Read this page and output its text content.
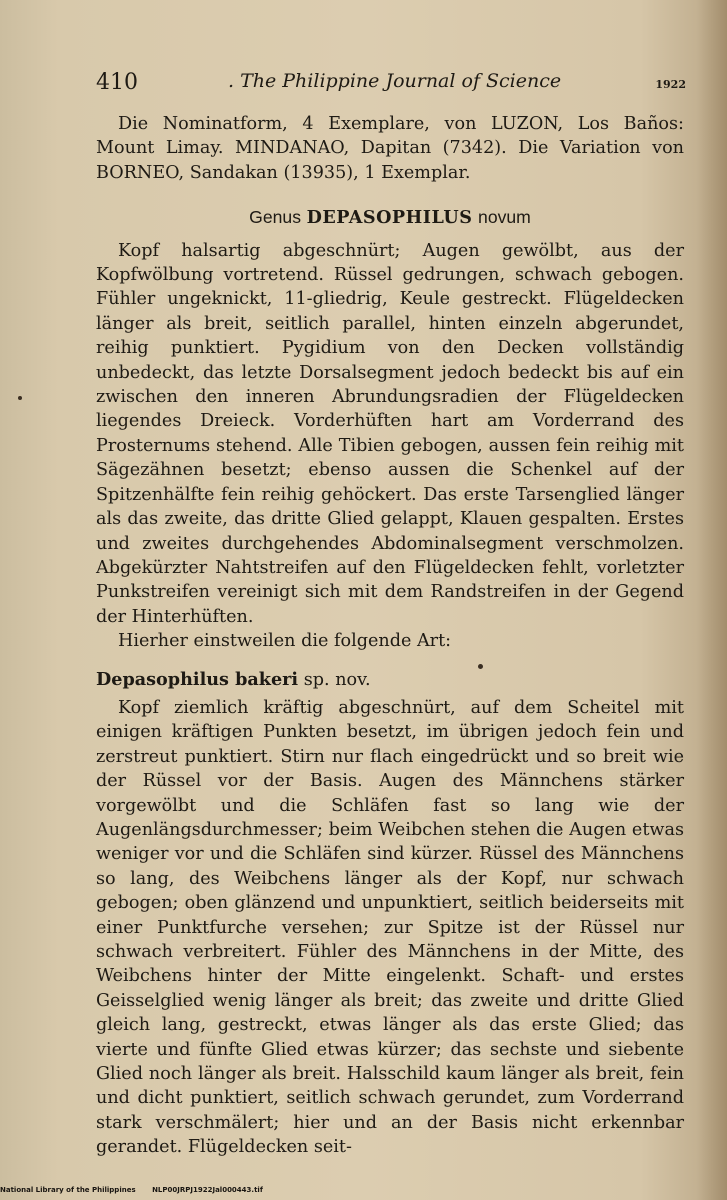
410	. The Philippine Journal of Science	1922

Die Nominatform, 4 Exemplare, von LUZON, Los Baños: Mount Limay. MINDANAO, Dapitan (7342). Die Variation von BORNEO, Sandakan (13935), 1 Exemplar.

Genus DEPASOPHILUS novum

Kopf halsartig abgeschnürt; Augen gewölbt, aus der Kopfwölbung vortretend. Rüssel gedrungen, schwach gebogen. Fühler ungeknickt, 11-gliedrig, Keule gestreckt. Flügeldecken länger als breit, seitlich parallel, hinten einzeln abgerundet, reihig punktiert. Pygidium von den Decken vollständig unbedeckt, das letzte Dorsalsegment jedoch bedeckt bis auf ein zwischen den inneren Abrundungsradien der Flügeldecken liegendes Dreieck. Vorderhüften hart am Vorderrand des Prosternums stehend. Alle Tibien gebogen, aussen fein reihig mit Sägezähnen besetzt; ebenso aussen die Schenkel auf der Spitzenhälfte fein reihig gehöckert. Das erste Tarsenglied länger als das zweite, das dritte Glied gelappt, Klauen gespalten. Erstes und zweites durchgehendes Abdominalsegment verschmolzen. Abgekürzter Nahtstreifen auf den Flügeldecken fehlt, vorletzter Punkstreifen vereinigt sich mit dem Randstreifen in der Gegend der Hinterhüften.

Hierher einstweilen die folgende Art:

Depasophilus bakeri sp. nov.

Kopf ziemlich kräftig abgeschnürt, auf dem Scheitel mit einigen kräftigen Punkten besetzt, im übrigen jedoch fein und zerstreut punktiert. Stirn nur flach eingedrückt und so breit wie der Rüssel vor der Basis. Augen des Männchens stärker vorgewölbt und die Schläfen fast so lang wie der Augenlängsdurchmesser; beim Weibchen stehen die Augen etwas weniger vor und die Schläfen sind kürzer. Rüssel des Männchens so lang, des Weibchens länger als der Kopf, nur schwach gebogen; oben glänzend und unpunktiert, seitlich beiderseits mit einer Punktfurche versehen; zur Spitze ist der Rüssel nur schwach verbreitert. Fühler des Männchens in der Mitte, des Weibchens hinter der Mitte eingelenkt. Schaft- und erstes Geisselglied wenig länger als breit; das zweite und dritte Glied gleich lang, gestreckt, etwas länger als das erste Glied; das vierte und fünfte Glied etwas kürzer; das sechste und siebente Glied noch länger als breit. Halsschild kaum länger als breit, fein und dicht punktiert, seitlich schwach gerundet, zum Vorderrand stark verschmälert; hier und an der Basis nicht erkennbar gerandet. Flügeldecken seit-

National Library of the Philippines NLP00JRPJ1922Jal000443.tif
